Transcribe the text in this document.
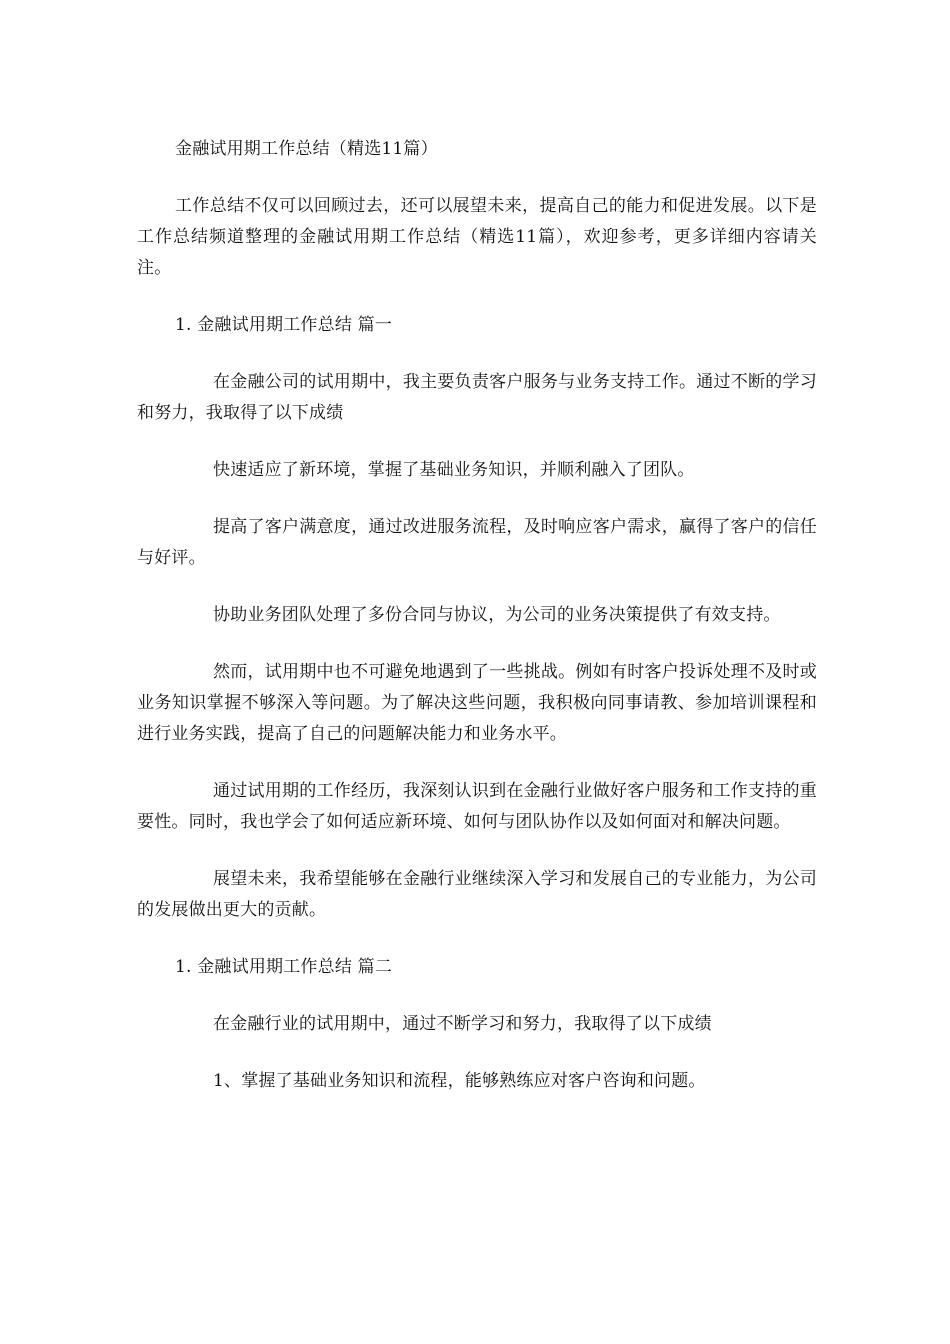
金融试用期工作总结（精选11篇）

工作总结不仅可以回顾过去，还可以展望未来，提高自己的能力和促进发展。以下是工作总结频道整理的金融试用期工作总结（精选11篇），欢迎参考，更多详细内容请关注。

1. 金融试用期工作总结 篇一

在金融公司的试用期中，我主要负责客户服务与业务支持工作。通过不断的学习和努力，我取得了以下成绩

快速适应了新环境，掌握了基础业务知识，并顺利融入了团队。

提高了客户满意度，通过改进服务流程，及时响应客户需求，赢得了客户的信任与好评。

协助业务团队处理了多份合同与协议，为公司的业务决策提供了有效支持。

然而，试用期中也不可避免地遇到了一些挑战。例如有时客户投诉处理不及时或业务知识掌握不够深入等问题。为了解决这些问题，我积极向同事请教、参加培训课程和进行业务实践，提高了自己的问题解决能力和业务水平。

通过试用期的工作经历，我深刻认识到在金融行业做好客户服务和工作支持的重要性。同时，我也学会了如何适应新环境、如何与团队协作以及如何面对和解决问题。

展望未来，我希望能够在金融行业继续深入学习和发展自己的专业能力，为公司的发展做出更大的贡献。

1. 金融试用期工作总结 篇二

在金融行业的试用期中，通过不断学习和努力，我取得了以下成绩

1、掌握了基础业务知识和流程，能够熟练应对客户咨询和问题。
